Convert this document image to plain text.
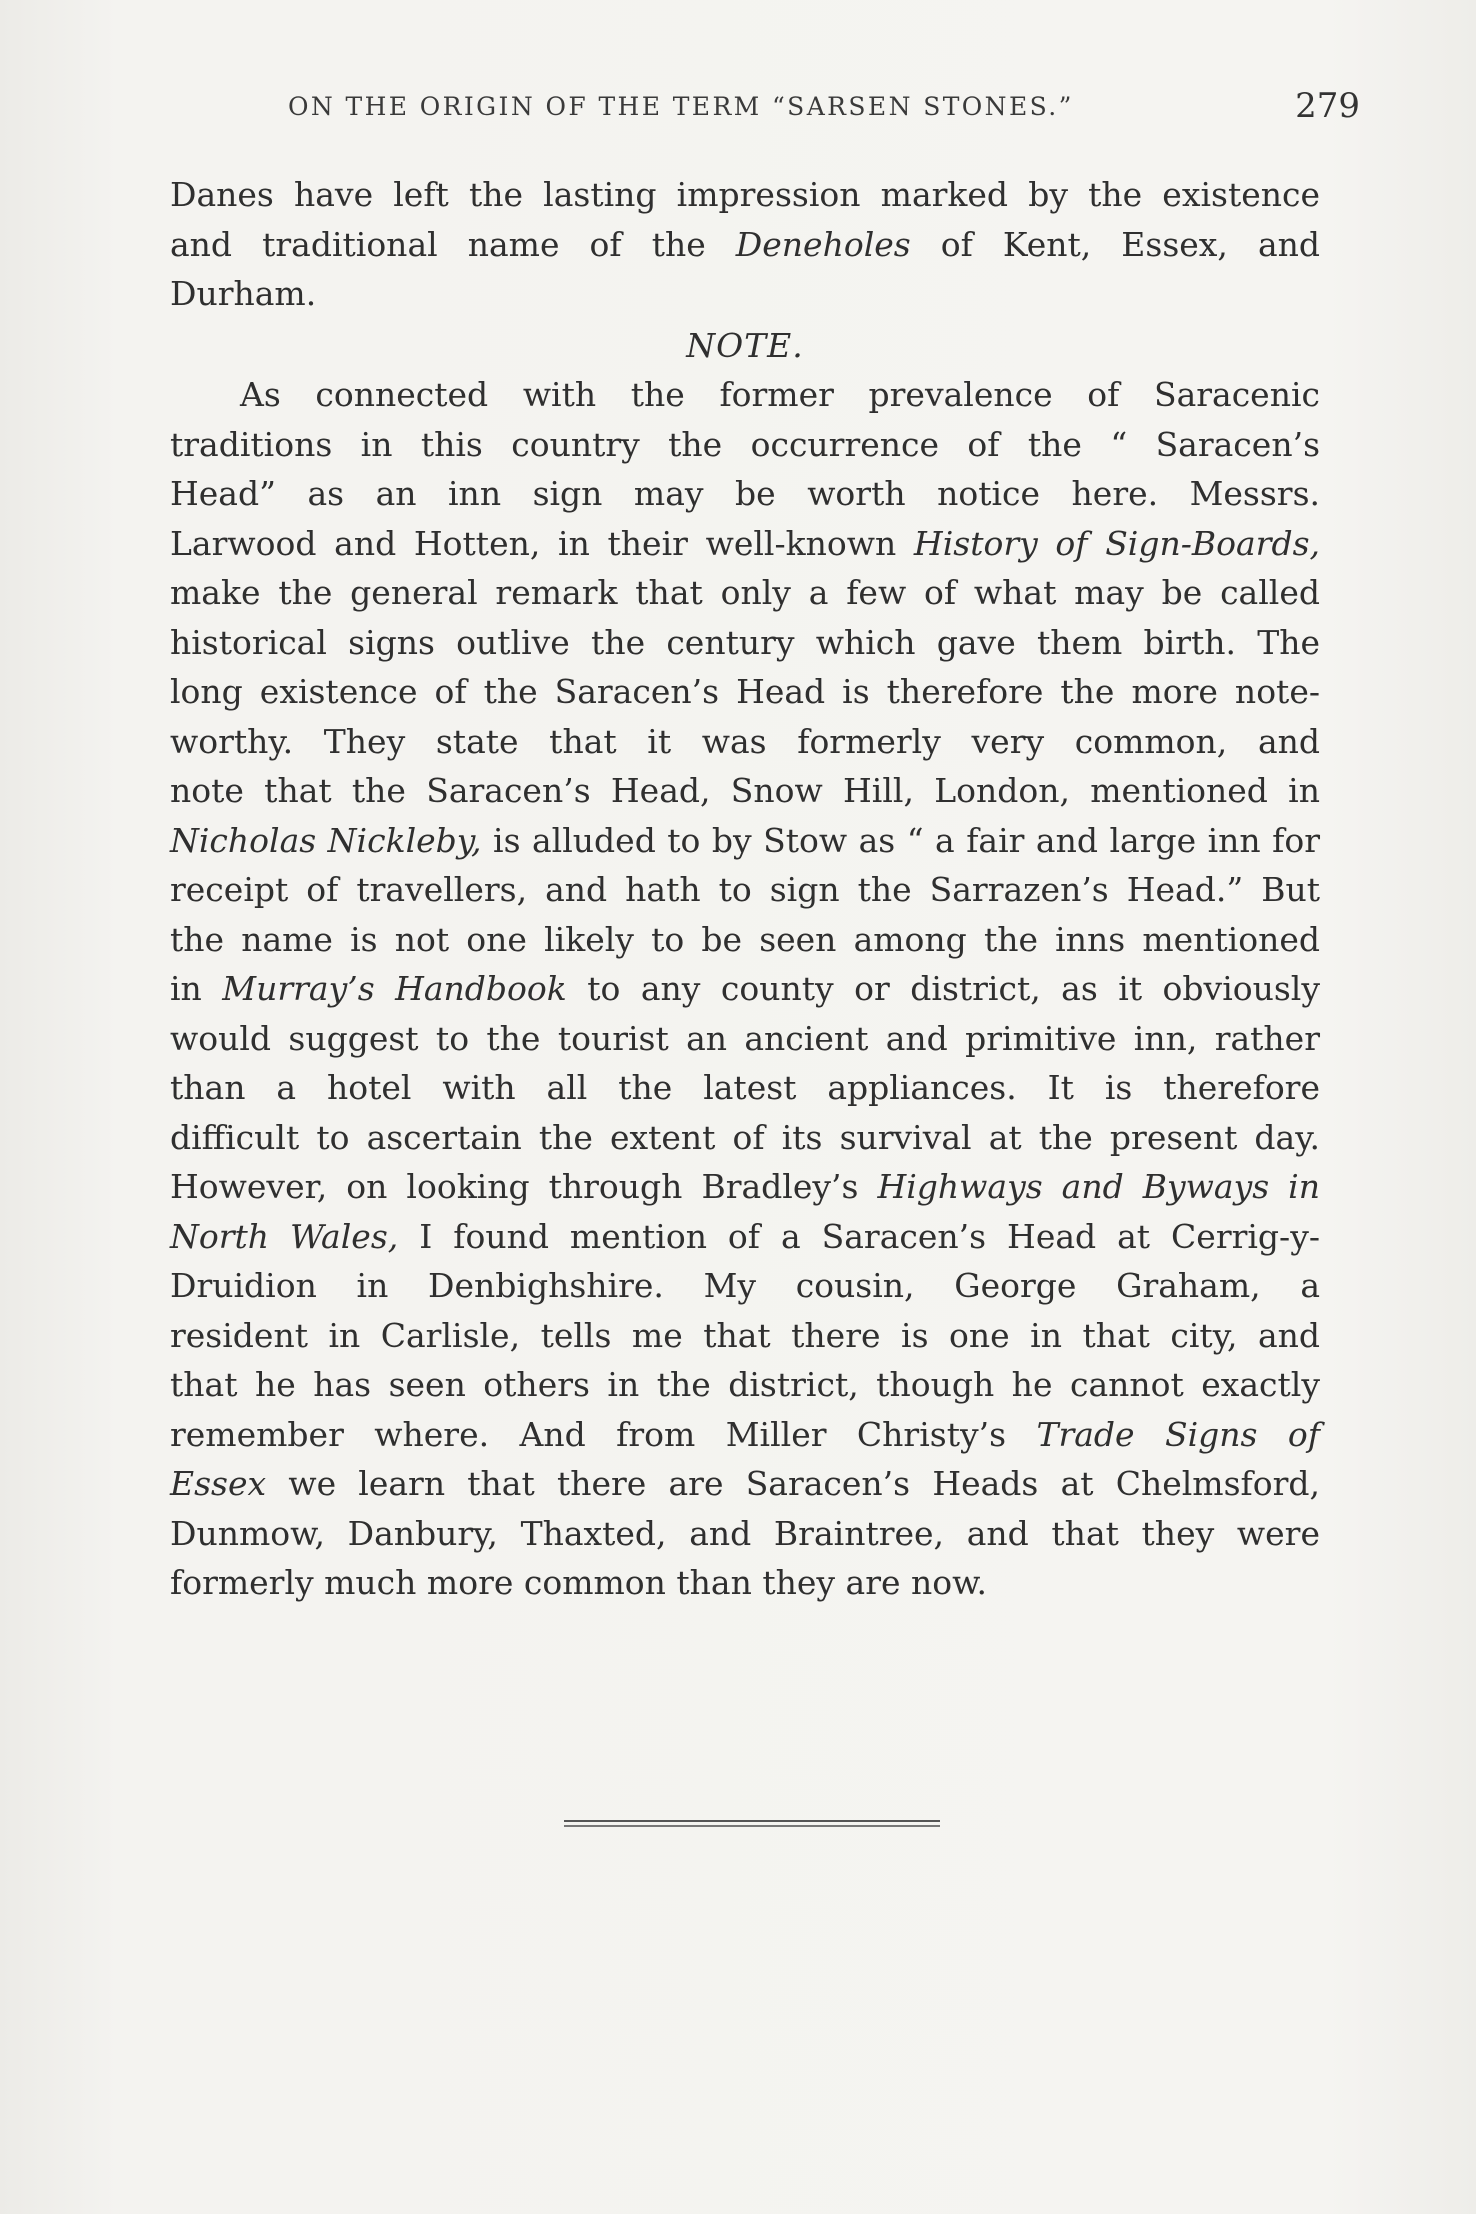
ON THE ORIGIN OF THE TERM “SARSEN STONES.”	279
Danes have left the lasting impression marked by the existence
and traditional name of the Deneholes of Kent, Essex, and
Durham.
NOTE.
As connected with the former prevalence of Saracenic
traditions in this country the occurrence of the “ Saracen’s
Head” as an inn sign may be worth notice here. Messrs.
Larwood and Hotten, in their well-known History of Sign-Boards,
make the general remark that only a few of what may be called
historical signs outlive the century which gave them birth. The
long existence of the Saracen’s Head is therefore the more note-
worthy. They state that it was formerly very common, and
note that the Saracen’s Head, Snow Hill, London, mentioned in
Nicholas Nickleby, is alluded to by Stow as “ a fair and large inn for
receipt of travellers, and hath to sign the Sarrazen’s Head.” But
the name is not one likely to be seen among the inns mentioned
in Murray’s Handbook to any county or district, as it obviously
would suggest to the tourist an ancient and primitive inn, rather
than a hotel with all the latest appliances. It is therefore
difficult to ascertain the extent of its survival at the present day.
However, on looking through Bradley’s Highways and Byways in
North Wales, I found mention of a Saracen’s Head at Cerrig-y-
Druidion in Denbighshire. My cousin, George Graham, a
resident in Carlisle, tells me that there is one in that city, and
that he has seen others in the district, though he cannot exactly
remember where. And from Miller Christy’s Trade Signs of
Essex we learn that there are Saracen’s Heads at Chelmsford,
Dunmow, Danbury, Thaxted, and Braintree, and that they were
formerly much more common than they are now.
